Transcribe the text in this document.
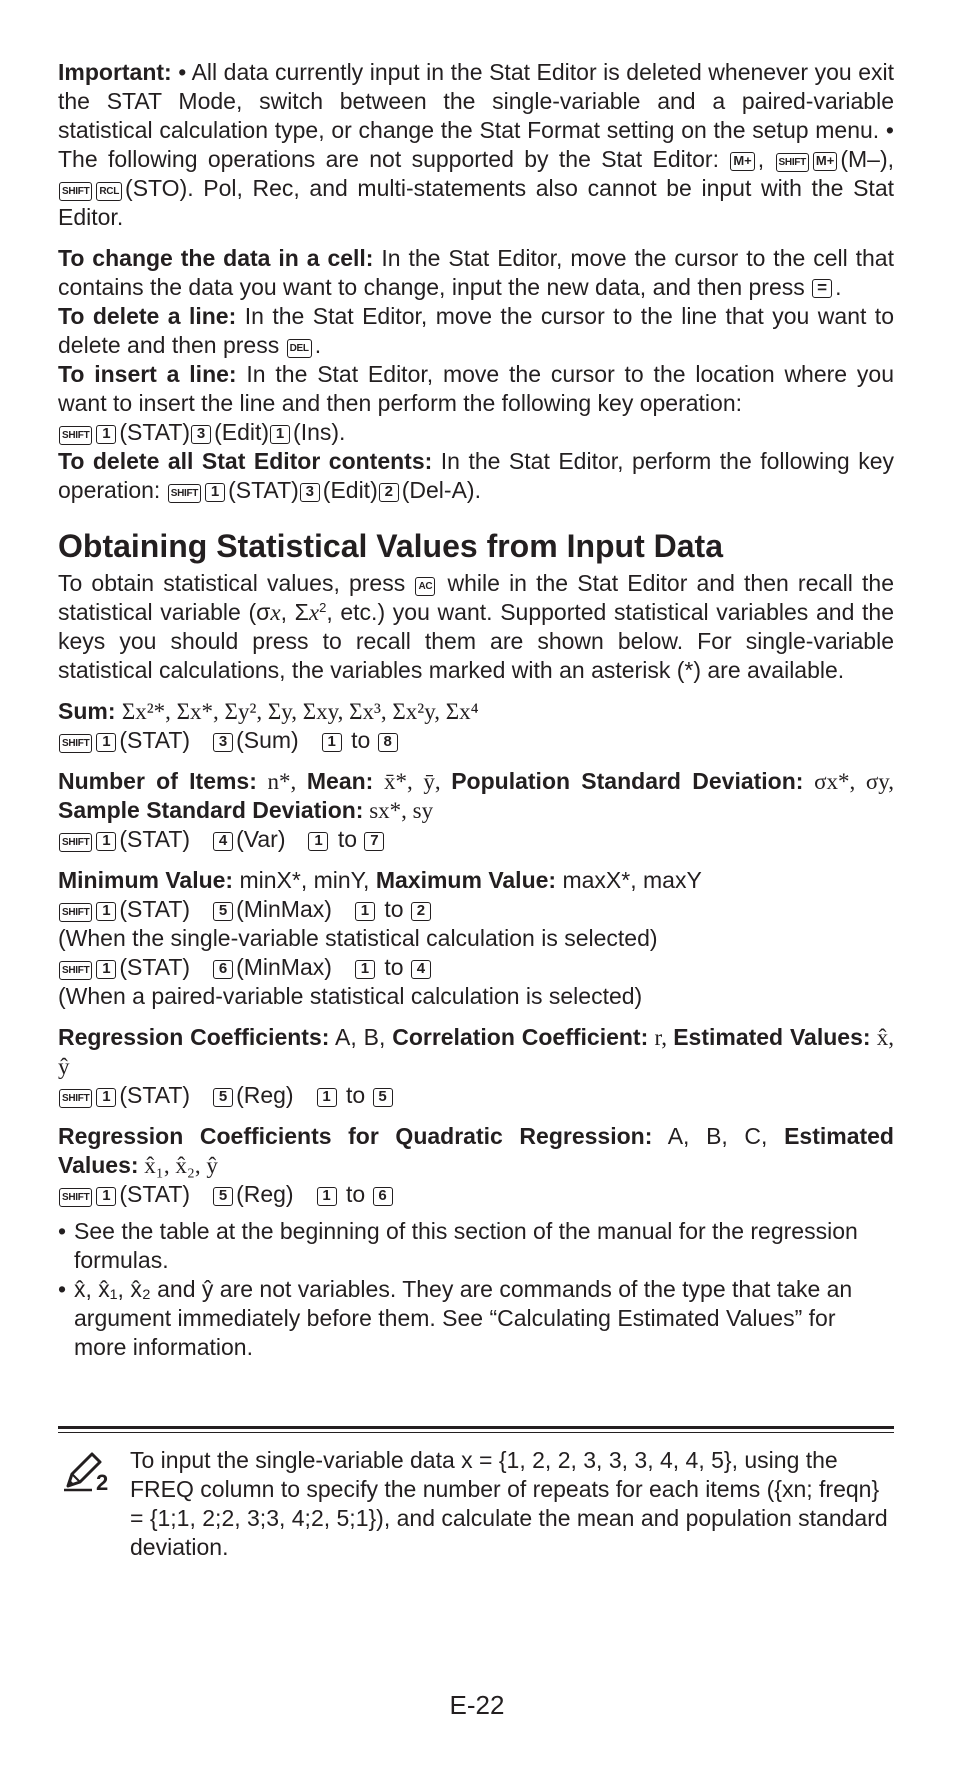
Important: • All data currently input in the Stat Editor is deleted whenever you exit the STAT Mode, switch between the single-variable and a paired-variable statistical calculation type, or change the Stat Format setting on the setup menu. • The following operations are not supported by the Stat Editor: M+ , SHIFT M+ (M–), SHIFT RCL (STO). Pol, Rec, and multi-statements also cannot be input with the Stat Editor.

To change the data in a cell: In the Stat Editor, move the cursor to the cell that contains the data you want to change, input the new data, and then press = .

To delete a line: In the Stat Editor, move the cursor to the line that you want to delete and then press DEL .

To insert a line: In the Stat Editor, move the cursor to the location where you want to insert the line and then perform the following key operation:
SHIFT 1 (STAT) 3 (Edit) 1 (Ins).

To delete all Stat Editor contents: In the Stat Editor, perform the following key operation: SHIFT 1 (STAT) 3 (Edit) 2 (Del-A).

Obtaining Statistical Values from Input Data

To obtain statistical values, press AC while in the Stat Editor and then recall the statistical variable (σx, $\Sigma x^2$, etc.) you want. Supported statistical variables and the keys you should press to recall them are shown below. For single-variable statistical calculations, the variables marked with an asterisk (*) are available.

Sum: Σx²*, Σx*, Σy², Σy, Σxy, Σx³, Σx²y, Σx⁴

SHIFT 1 (STAT) 3 (Sum) 1 to 8

Number of Items: n*, Mean: x̄*, ȳ, Population Standard Deviation: σx*, σy, Sample Standard Deviation: sx*, sy

SHIFT 1 (STAT) 4 (Var) 1 to 7

Minimum Value: minX*, minY, Maximum Value: maxX*, maxY

SHIFT 1 (STAT) 5 (MinMax) 1 to 2

(When the single-variable statistical calculation is selected)

SHIFT 1 (STAT) 6 (MinMax) 1 to 4

(When a paired-variable statistical calculation is selected)

Regression Coefficients: A, B, Correlation Coefficient: r, Estimated Values: x̂, ŷ

SHIFT 1 (STAT) 5 (Reg) 1 to 5

Regression Coefficients for Quadratic Regression: A, B, C, Estimated Values: x̂₁, x̂₂, ŷ

SHIFT 1 (STAT) 5 (Reg) 1 to 6

• See the table at the beginning of this section of the manual for the regression formulas.
• x̂, x̂₁, x̂₂ and ŷ are not variables. They are commands of the type that take an argument immediately before them. See “Calculating Estimated Values” for more information.
2
To input the single-variable data x = {1, 2, 2, 3, 3, 3, 4, 4, 5}, using the FREQ column to specify the number of repeats for each items ({xn; freqn} = {1;1, 2;2, 3;3, 4;2, 5;1}), and calculate the mean and population standard deviation.
E-22
